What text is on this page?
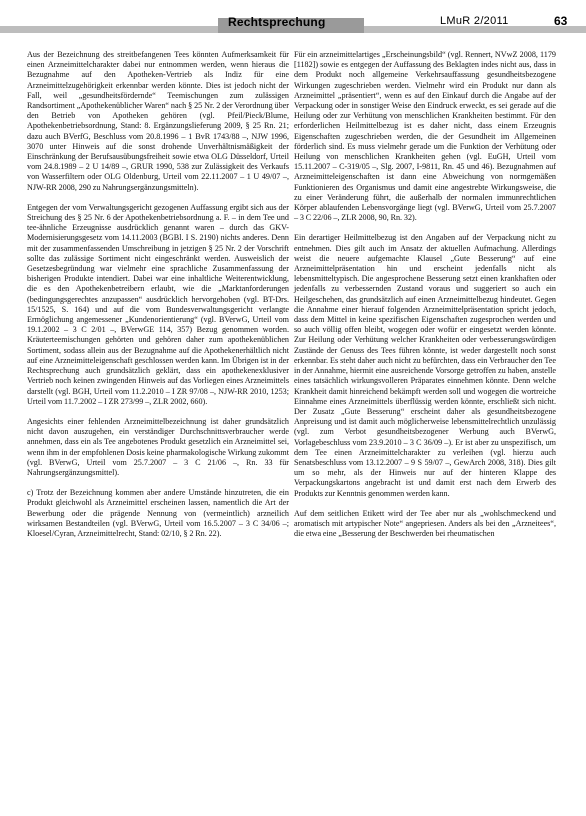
Rechtsprechung	LMuR 2/2011	63

Aus der Bezeichnung des streitbefangenen Tees könnten Aufmerksamkeit für einen Arzneimittelcharakter dabei nur entnommen werden, wenn hieraus die Bezugnahme auf den Apotheken-Vertrieb als Indiz für eine Arzneimittelzugehörigkeit erkennbar werden könnte. Dies ist jedoch nicht der Fall, weil „gesundheitsfördernde“ Teemischungen zum zulässigen Randsortiment „Apothekenüblicher Waren“ nach § 25 Nr. 2 der Verordnung über den Betrieb von Apotheken gehören (vgl. Pfeil/Pieck/Blume, Apothekenbetriebsordnung, Stand: 8. Ergänzungslieferung 2009, § 25 Rn. 21; dazu auch BVerfG, Beschluss vom 20.8.1996 – 1 BvR 1743/88 –, NJW 1996, 3070 unter Hinweis auf die sonst drohende Unverhältnismäßigkeit der Einschränkung der Berufsausübungsfreiheit sowie etwa OLG Düsseldorf, Urteil vom 24.8.1989 – 2 U 14/89 –, GRUR 1990, 538 zur Zulässigkeit des Verkaufs von Wasserfiltern oder OLG Oldenburg, Urteil vom 22.11.2007 – 1 U 49/07 –, NJW-RR 2008, 290 zu Nahrungsergänzungsmitteln).

Entgegen der vom Verwaltungsgericht gezogenen Auffassung ergibt sich aus der Streichung des § 25 Nr. 6 der Apothekenbetriebsordnung a. F. – in dem Tee und tee-ähnliche Erzeugnisse ausdrücklich genannt waren – durch das GKV-Modernisierungsgesetz vom 14.11.2003 (BGBl. I S. 2190) nichts anderes. Denn mit der zusammenfassenden Umschreibung in jetzigen § 25 Nr. 2 der Vorschrift sollte das zulässige Sortiment nicht eingeschränkt werden. Ausweislich der Gesetzesbegründung war vielmehr eine sprachliche Zusammenfassung der bisherigen Produkte intendiert. Dabei war eine inhaltliche Weiterentwicklung, die es den Apothekenbetreibern erlaubt, wie die „Marktanforderungen (bedingungsgerechtes anzupassen“ ausdrücklich hervorgehoben (vgl. BT-Drs. 15/1525, S. 164) und auf die vom Bundesverwaltungsgericht verlangte Ermöglichung angemessener „Kundenorientierung“ (vgl. BVerwG, Urteil vom 19.1.2002 – 3 C 2/01 –, BVerwGE 114, 357) Bezug genommen worden. Kräuterteemischungen gehörten und gehören daher zum apothekenüblichen Sortiment, sodass allein aus der Bezugnahme auf die Apothekenerhältlich nicht auf eine Arzneimitteleigenschaft geschlossen werden kann. Im Übrigen ist in der Rechtsprechung auch grundsätzlich geklärt, dass ein apothekenexklusiver Vertrieb noch keinen zwingenden Hinweis auf das Vorliegen eines Arzneimittels darstellt (vgl. BGH, Urteil vom 11.2.2010 – I ZR 97/08 –, NJW-RR 2010, 1253; Urteil vom 11.7.2002 – I ZR 273/99 –, ZLR 2002, 660).

Angesichts einer fehlenden Arzneimittelbezeichnung ist daher grundsätzlich nicht davon auszugehen, ein verständiger Durchschnittsverbraucher werde annehmen, dass ein als Tee angebotenes Produkt gesetzlich ein Arzneimittel sei, wenn ihm in der empfohlenen Dosis keine pharmakologische Wirkung zukommt (vgl. BVerwG, Urteil vom 25.7.2007 – 3 C 21/06 –, Rn. 33 für Nahrungsergänzungsmittel).

c) Trotz der Bezeichnung kommen aber andere Umstände hinzutreten, die ein Produkt gleichwohl als Arzneimittel erscheinen lassen, namentlich die Art der Bewerbung oder die prägende Nennung von (vermeintlich) arzneilich wirksamen Bestandteilen (vgl. BVerwG, Urteil vom 16.5.2007 – 3 C 34/06 –; Kloesel/Cyran, Arzneimittelrecht, Stand: 02/10, § 2 Rn. 22).

Für ein arzneimittelartiges „Erscheinungsbild“ (vgl. Rennert, NVwZ 2008, 1179 [1182]) sowie es entgegen der Auffassung des Beklagten indes nicht aus, dass in dem Produkt noch allgemeine Verkehrsauffassung gesundheitsbezogene Wirkungen zugeschrieben werden. Vielmehr wird ein Produkt nur dann als Arzneimittel „präsentiert“, wenn es auf den Einkauf durch die Angabe auf der Verpackung oder in sonstiger Weise den Eindruck erweckt, es sei gerade auf die Heilung oder zur Verhütung von menschlichen Krankheiten bestimmt. Für den erforderlichen Heilmittelbezug ist es daher nicht, dass einem Erzeugnis Eigenschaften zugeschrieben werden, die der Gesundheit im Allgemeinen förderlich sind. Es muss vielmehr gerade um die Funktion der Verhütung oder Heilung von menschlichen Krankheiten gehen (vgl. EuGH, Urteil vom 15.11.2007 – C-319/05 –, Slg. 2007, I-9811, Rn. 45 und 46). Bezugnahmen auf Arzneimitteleigenschaften ist dann eine Abweichung von normgemäßen Funktionieren des Organismus und damit eine angestrebte Wirkungsweise, die zu einer Veränderung führt, die außerhalb der normalen immunrechtlichen Körper ablaufenden Lebensvorgänge liegt (vgl. BVerwG, Urteil vom 25.7.2007 – 3 C 22/06 –, ZLR 2008, 90, Rn. 32).

Ein derartiger Heilmittelbezug ist den Angaben auf der Verpackung nicht zu entnehmen. Dies gilt auch im Ansatz der aktuellen Aufmachung. Allerdings weist die neuere aufgemachte Klausel „Gute Besserung“ auf eine Arzneimittelpräsentation hin und erscheint jedenfalls nicht als lebensmitteltypisch. Die angesprochene Besserung setzt einen krankhaften oder jedenfalls zu verbessernden Zustand voraus und suggeriert so auch ein Heilgeschehen, das grundsätzlich auf einen Arzneimittelbezug hindeutet. Gegen die Annahme einer hierauf folgenden Arzneimittelpräsentation spricht jedoch, dass dem Mittel in keine spezifischen Eigenschaften zugesprochen werden und so auch völlig offen bleibt, wogegen oder wofür er eingesetzt werden könnte. Zur Heilung oder Verhütung welcher Krankheiten oder verbesserungswürdigen Zustände der Genuss des Tees führen könnte, ist weder dargestellt noch sonst erkennbar. Es steht daher auch nicht zu befürchten, dass ein Verbraucher den Tee in der Annahme, hiermit eine ausreichende Vorsorge getroffen zu haben, anstelle eines tatsächlich wirkungsvolleren Präparates einnehmen könnte. Denn welche Krankheit damit hinreichend bekämpft werden soll und wogegen die wortreiche Einnahme eines Arzneimittels überflüssig werden könnte, erschließt sich nicht. Der Zusatz „Gute Besserung“ erscheint daher als gesundheitsbezogene Anpreisung und ist damit auch möglicherweise lebensmittelrechtlich unzulässig (vgl. zum Verbot gesundheitsbezogener Werbung auch BVerwG, Vorlagebeschluss vom 23.9.2010 – 3 C 36/09 –). Er ist aber zu unspezifisch, um dem Tee einen Arzneimittelcharakter zu verleihen (vgl. hierzu auch Senatsbeschluss vom 13.12.2007 – 9 S 59/07 –, GewArch 2008, 318). Dies gilt um so mehr, als der Hinweis nur auf der hinteren Klappe des Verpackungskartons angebracht ist und damit erst nach dem Erwerb des Produkts zur Kenntnis genommen werden kann.

Auf dem seitlichen Etikett wird der Tee aber nur als „wohlschmeckend und aromatisch mit artypischer Note“ angepriesen. Anders als bei den „Arzneitees“, die etwa eine „Besserung der Beschwerden bei rheumatischen
